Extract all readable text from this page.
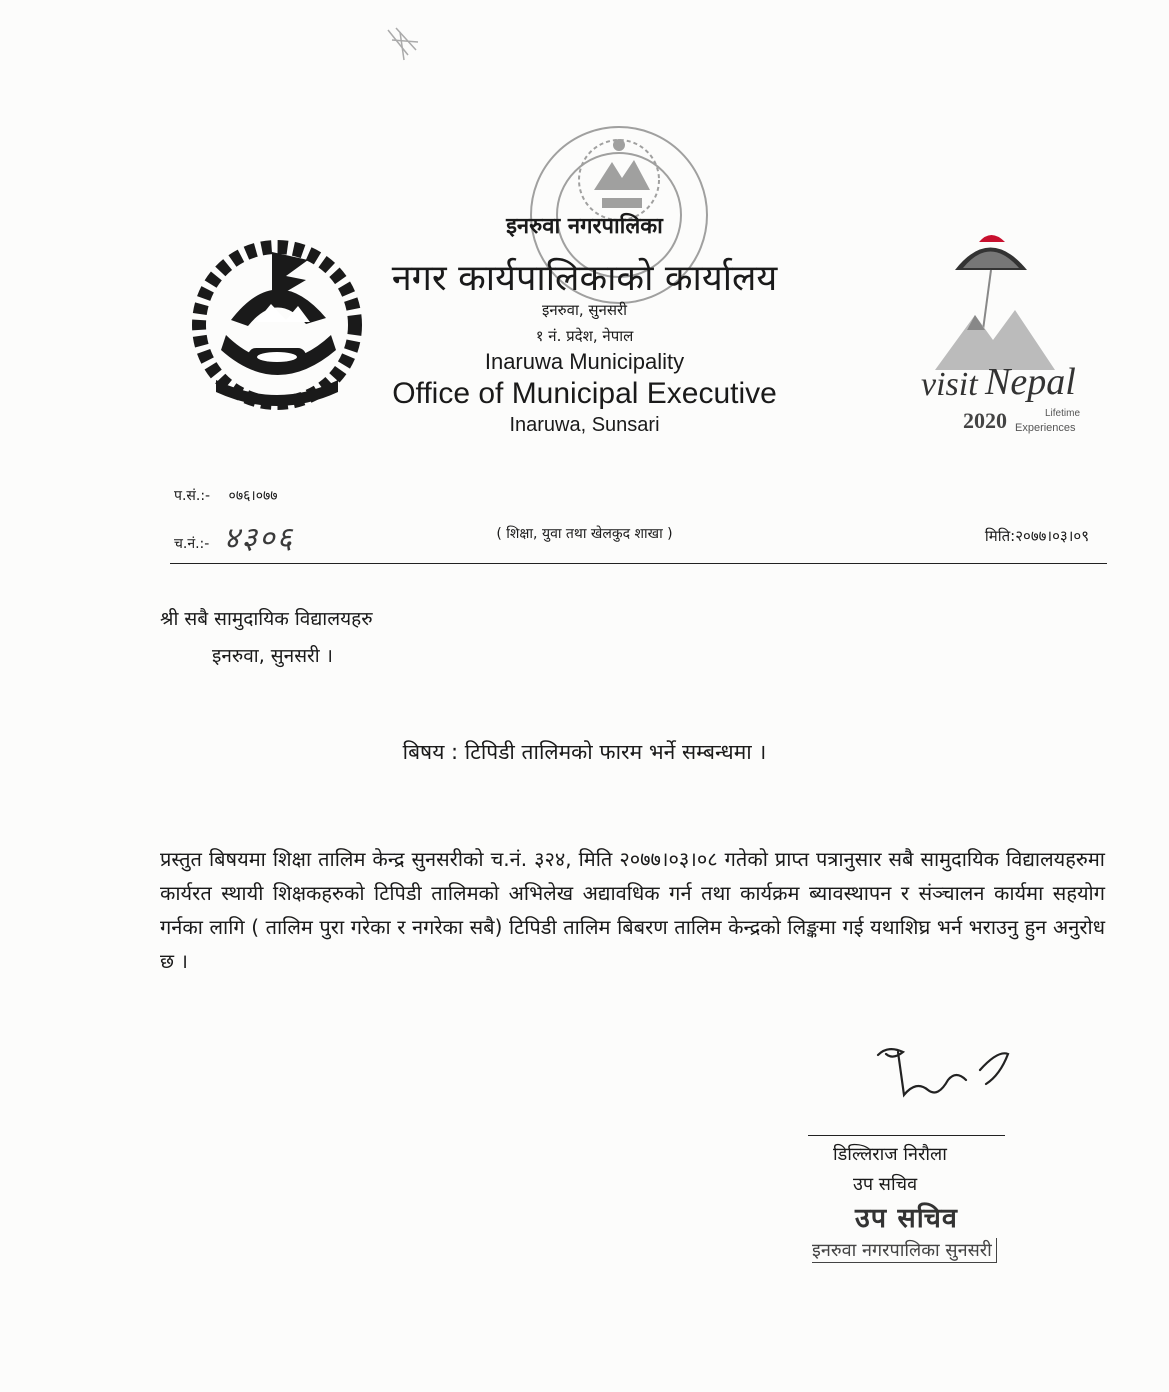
visit Nepal
2020	Lifetime
Experiences
इनरुवा नगरपालिका
नगर कार्यपालिकाको कार्यालय
इनरुवा, सुनसरी
१ नं. प्रदेश, नेपाल
Inaruwa Municipality
Office of Municipal Executive
Inaruwa, Sunsari
प.सं.:- ०७६।०७७
च.नं.:- ४३०६	( शिक्षा, युवा तथा खेलकुद शाखा )	मिति:२०७७।०३।०९
श्री सबै सामुदायिक विद्यालयहरु
इनरुवा, सुनसरी ।
बिषय : टिपिडी तालिमको फारम भर्ने सम्बन्धमा ।
प्रस्तुत बिषयमा शिक्षा तालिम केन्द्र सुनसरीको च.नं. ३२४, मिति २०७७।०३।०८ गतेको प्राप्त पत्रानुसार सबै सामुदायिक विद्यालयहरुमा कार्यरत स्थायी शिक्षकहरुको टिपिडी तालिमको अभिलेख अद्यावधिक गर्न तथा कार्यक्रम ब्यावस्थापन र संञ्चालन कार्यमा सहयोग गर्नका लागि ( तालिम पुरा गरेका र नगरेका सबै) टिपिडी तालिम बिबरण तालिम केन्द्रको लिङ्कमा गई यथाशिघ्र भर्न भराउनु हुन अनुरोध छ ।
डिल्लिराज निरौला
उप सचिव
उप सचिव
इनरुवा नगरपालिका सुनसरी
